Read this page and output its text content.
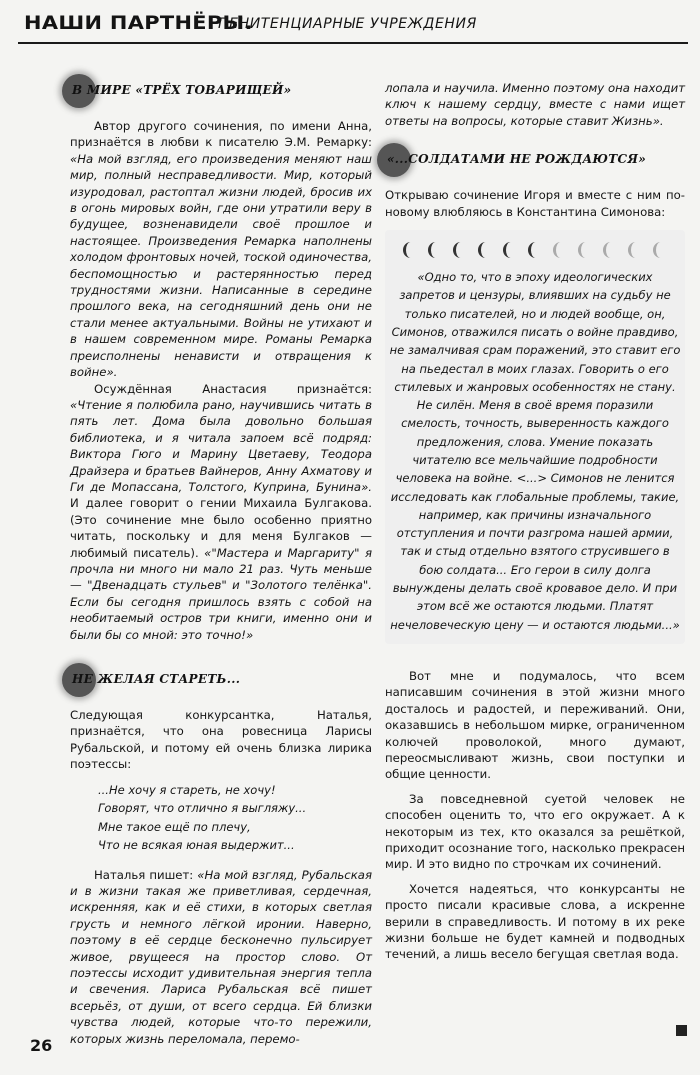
НАШИ ПАРТНЁРЫ.
ПЕНИТЕНЦИАРНЫЕ УЧРЕЖДЕНИЯ
В МИРЕ «ТРЁХ ТОВАРИЩЕЙ»

Автор другого сочинения, по имени Анна, признаётся в любви к писателю Э.М. Ремарку: «На мой взгляд, его произведения меняют наш мир, полный несправедливости. Мир, который изуродовал, растоптал жизни людей, бросив их в огонь мировых войн, где они утратили веру в будущее, возненавидели своё прошлое и настоящее. Произведения Ремарка наполнены холодом фронтовых ночей, тоской одиночества, беспомощностью и растерянностью перед трудностями жизни. Написанные в середине прошлого века, на сегодняшний день они не стали менее актуальными. Войны не утихают и в нашем современном мире. Романы Ремарка преисполнены ненависти и отвращения к войне».

Осуждённая Анастасия признаётся: «Чтение я полюбила рано, научившись читать в пять лет. Дома была довольно большая библиотека, и я читала запоем всё подряд: Виктора Гюго и Марину Цветаеву, Теодора Драйзера и братьев Вайнеров, Анну Ахматову и Ги де Мопассана, Толстого, Куприна, Бунина». И далее говорит о гении Михаила Булгакова. (Это сочинение мне было особенно приятно читать, поскольку и для меня Булгаков — любимый писатель). «"Мастера и Маргариту" я прочла ни много ни мало 21 раз. Чуть меньше — "Двенадцать стульев" и "Золотого телёнка". Если бы сегодня пришлось взять с собой на необитаемый остров три книги, именно они и были бы со мной: это точно!»

НЕ ЖЕЛАЯ СТАРЕТЬ...

Следующая конкурсантка, Наталья, признаётся, что она ровесница Ларисы Рубальской, и потому ей очень близка лирика поэтессы:

...Не хочу я стареть, не хочу!
Говорят, что отлично я выгляжу...
Мне такое ещё по плечу,
Что не всякая юная выдержит...

Наталья пишет: «На мой взгляд, Рубальская и в жизни такая же приветливая, сердечная, искренняя, как и её стихи, в которых светлая грусть и немного лёгкой иронии. Наверно, поэтому в её сердце бесконечно пульсирует живое, рвущееся на простор слово. От поэтессы исходит удивительная энергия тепла и свечения. Лариса Рубальская всё пишет всерьёз, от души, от всего сердца. Ей близки чувства людей, которые что-то пережили, которых жизнь переломала, перемо-

лопала и научила. Именно поэтому она находит ключ к нашему сердцу, вместе с нами ищет ответы на вопросы, которые ставит Жизнь».

«...СОЛДАТАМИ НЕ РОЖДАЮТСЯ»

Открываю сочинение Игоря и вместе с ним по-новому влюбляюсь в Константина Симонова:

«Одно то, что в эпоху идеологических запретов и цензуры, влиявших на судьбу не только писателей, но и людей вообще, он, Симонов, отважился писать о войне правдиво, не замалчивая срам поражений, это ставит его на пьедестал в моих глазах. Говорить о его стилевых и жанровых особенностях не стану. Не силён. Меня в своё время поразили смелость, точность, выверенность каждого предложения, слова. Умение показать читателю все мельчайшие подробности человека на войне. <...> Симонов не ленится исследовать как глобальные проблемы, такие, например, как причины изначального отступления и почти разгрома нашей армии, так и стыд отдельно взятого струсившего в бою солдата... Его герои в силу долга вынуждены делать своё кровавое дело. И при этом всё же остаются людьми. Платят нечеловеческую цену — и остаются людьми...»

Вот мне и подумалось, что всем написавшим сочинения в этой жизни много досталось и радостей, и переживаний. Они, оказавшись в небольшом мирке, ограниченном колючей проволокой, много думают, переосмысливают жизнь, свои поступки и общие ценности.

За повседневной суетой человек не способен оценить то, что его окружает. А к некоторым из тех, кто оказался за решёткой, приходит осознание того, насколько прекрасен мир. И это видно по строчкам их сочинений.

Хочется надеяться, что конкурсанты не просто писали красивые слова, а искренне верили в справедливость. И потому в их реке жизни больше не будет камней и подводных течений, а лишь весело бегущая светлая вода.

26
